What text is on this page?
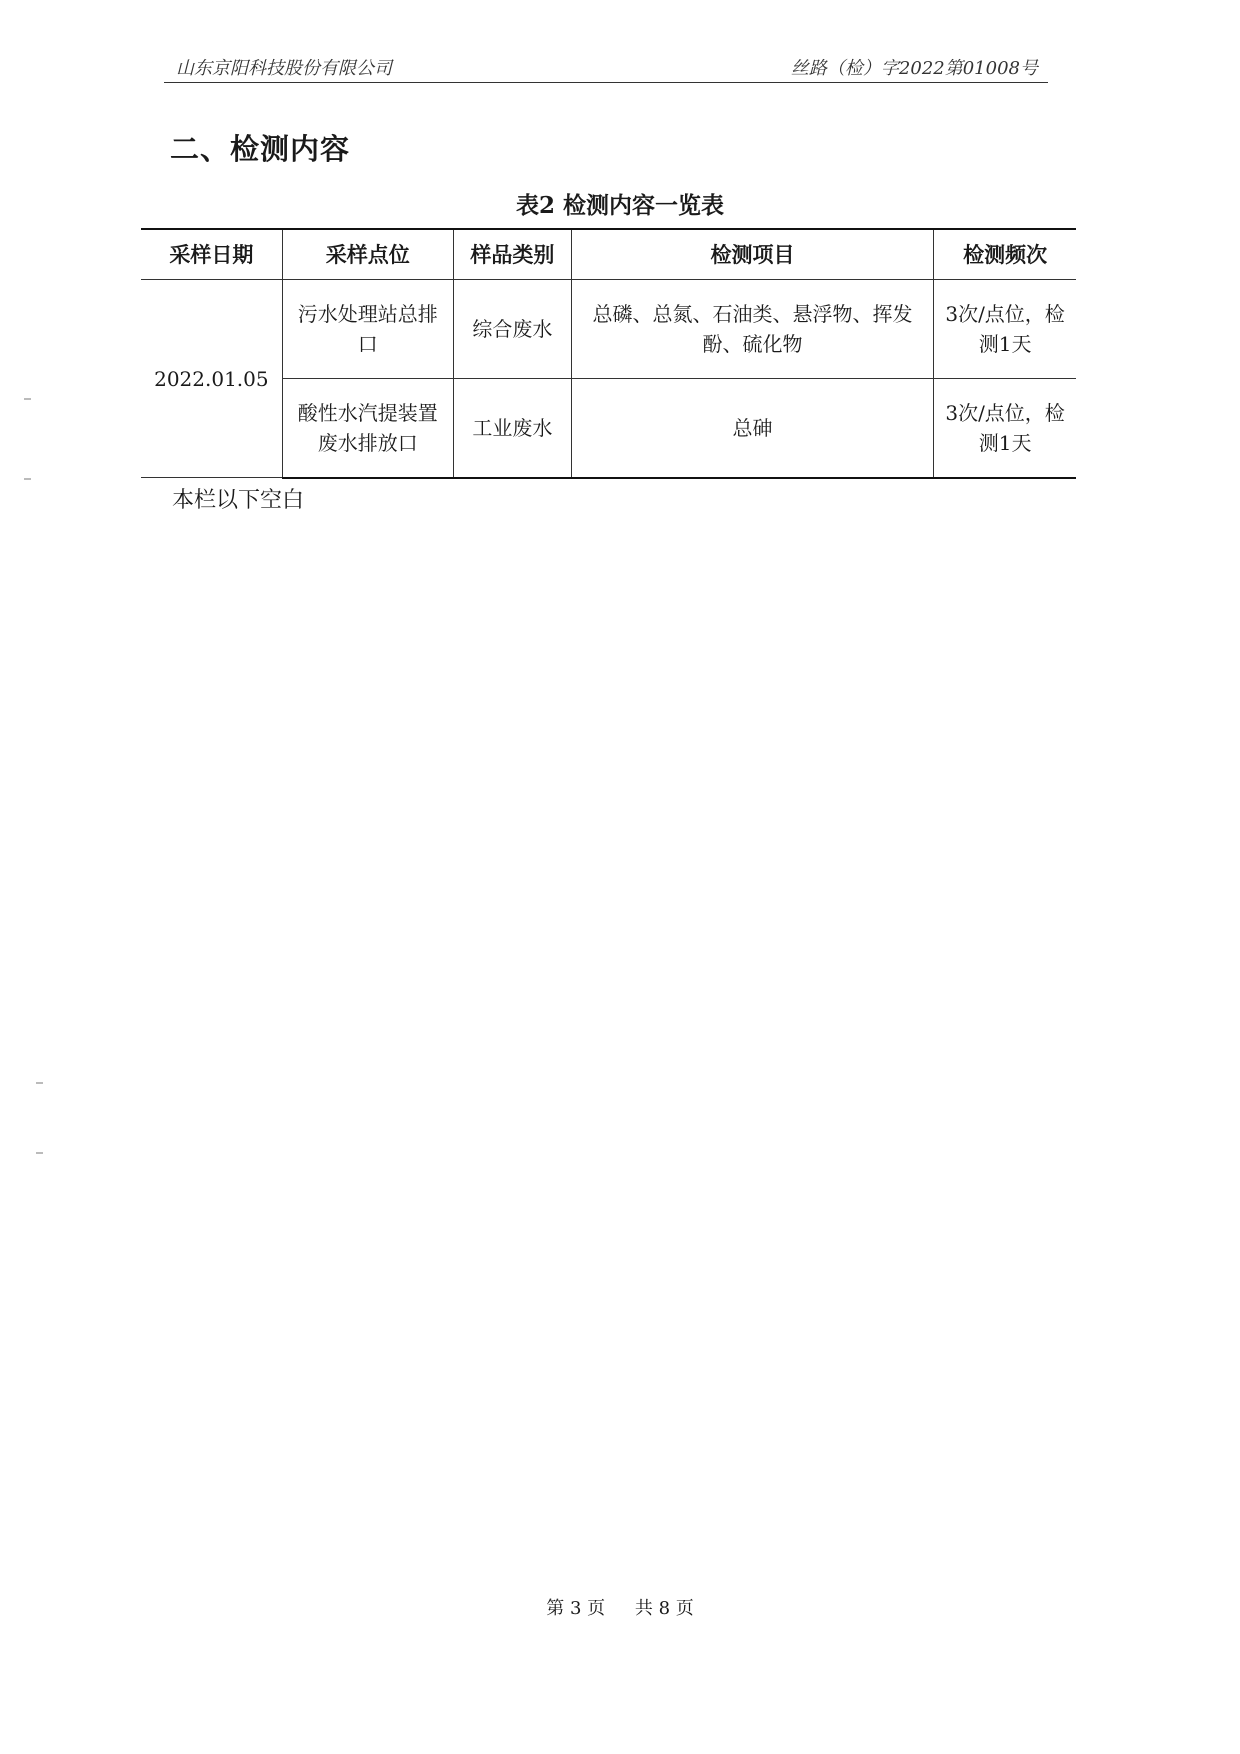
山东京阳科技股份有限公司	丝路（检）字2022第01008号
二、检测内容
表2 检测内容一览表
采样日期	采样点位	样品类别	检测项目	检测频次
2022.01.05	污水处理站总排口	综合废水	总磷、总氮、石油类、悬浮物、挥发酚、硫化物	3次/点位，检测1天
	酸性水汽提装置废水排放口	工业废水	总砷	3次/点位，检测1天
本栏以下空白
第 3 页 共 8 页
